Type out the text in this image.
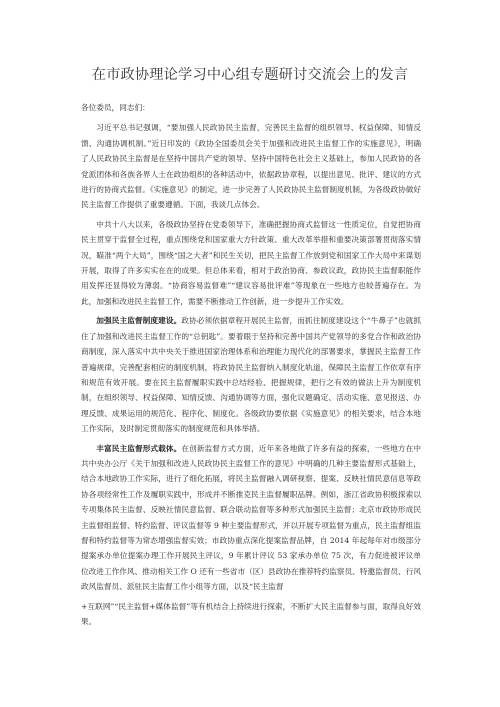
在市政协理论学习中心组专题研讨交流会上的发言

各位委员，同志们：

习近平总书记强调，“要加强人民政协民主监督，完善民主监督的组织领导、权益保障、知情反馈、沟通协调机制。”近日印发的《政协全国委员会关于加强和改进民主监督工作的实施意见》，明确了人民政协民主监督是在坚持中国共产党的领导、坚持中国特色社会主义基础上，参加人民政协的各党派团体和各族各界人士在政协组织的各种活动中，依据政协章程，以提出意见、批评、建议的方式进行的协商式监督。《实施意见》的制定，进一步完善了人民政协民主监督制度机制，为各级政协做好民主监督工作提供了重要遵循。下面，我谈几点体会。

中共十八大以来，各级政协坚持在党委领导下，准确把握协商式监督这一性质定位，自觉把协商民主贯穿于监督全过程，重点围绕党和国家重大方针政策、重大改革举措和重要决策部署贯彻落实情况，瞄准“两个大局”，围绕“国之大者”和民生关切，把民主监督工作放到党和国家工作大局中来谋划开展，取得了许多实实在在的成果。但总体来看，相对于政治协商、参政议政，政协民主监督职能作用发挥还显得较为薄弱。“协商容易监督难”“建议容易批评难”等现象在一些地方也较普遍存在。为此，加强和改进民主监督工作，需要不断推动工作创新，进一步提升工作实效。

加强民主监督制度建设。政协必须依据章程开展民主监督，而抓住制度建设这个“牛鼻子”也就抓住了加强和改进民主监督工作的“总钥匙”。要着眼于坚持和完善中国共产党领导的多党合作和政治协商制度，深入落实中共中央关于推进国家治理体系和治理能力现代化的部署要求，掌握民主监督工作普遍规律，完善配套相应的制度机制，将政协民主监督纳入制度化轨道，保障民主监督工作依章有序和规范有效开展。要在民主监督履职实践中总结经验、把握规律，把行之有效的做法上升为制度机制，在组织领导、权益保障、知情反馈、沟通协调等方面，强化议题确定、活动实施、意见报送、办理反馈、成果运用的规范化、程序化、制度化。各级政协要依据《实施意见》的相关要求，结合本地工作实际，及时制定贯彻落实的制度规范和具体举措。

丰富民主监督形式载体。在创新监督方式方面，近年来各地做了许多有益的探索，一些地方在中共中央办公厅《关于加强和改进人民政协民主监督工作的意见》中明确的几种主要监督形式基础上，结合本地政协工作实际，进行了细化拓展，将民主监督融入调研视察、提案、反映社情民意信息等政协各项经常性工作及履职实践中，形成并不断推克民主监督履职品牌。例如，浙江省政协积极探索以专项集体民主监督、反映社情民意监督、联合联动监督等多种形式加强民主监督；北京市政协形成民主监督组监督、特约监督、评议监督等 9 种主要监督形式，并以开展专项监督为重点，民主监督组监督和特约监督等为常态增强监督实效；市政协重点深化提案监督品牌，自 2014 年起每年对市级部分提案承办单位提案办理工作开展民主评议，9 年累计评议 53 家承办单位 75 次，有力促进被评议单位改进工作作风、推动相关工作 O 还有一些省市（区）县政协在推荐特约监察员、特邀监督员、行风政风监督员、派驻民主监督工作小组等方面，以及“民主监督

+互联网”“民主监督+媒体监督”等有机结合上持续进行探索，不断扩大民主监督参与面，取得良好效果。
